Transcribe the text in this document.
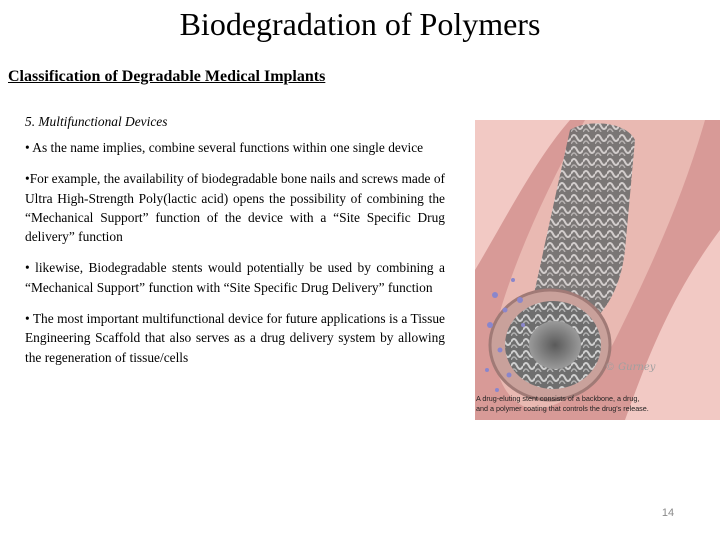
Biodegradation of Polymers
Classification of Degradable Medical Implants
5. Multifunctional Devices

• As the name implies, combine several functions within one single device

•For example, the availability of biodegradable bone nails and screws made of Ultra High-Strength Poly(lactic acid) opens the possibility of combining the “Mechanical Support” function of the device with a “Site Specific Drug delivery” function

• likewise, Biodegradable stents would potentially be used by combining a “Mechanical Support” function with “Site Specific Drug Delivery” function

• The most important multifunctional device for future applications is a Tissue Engineering Scaffold that also serves as a drug delivery system by allowing the regeneration of tissue/cells

© Gurney
A drug-eluting stent consists of a backbone, a drug,
and a polymer coating that controls the drug's release.
14
